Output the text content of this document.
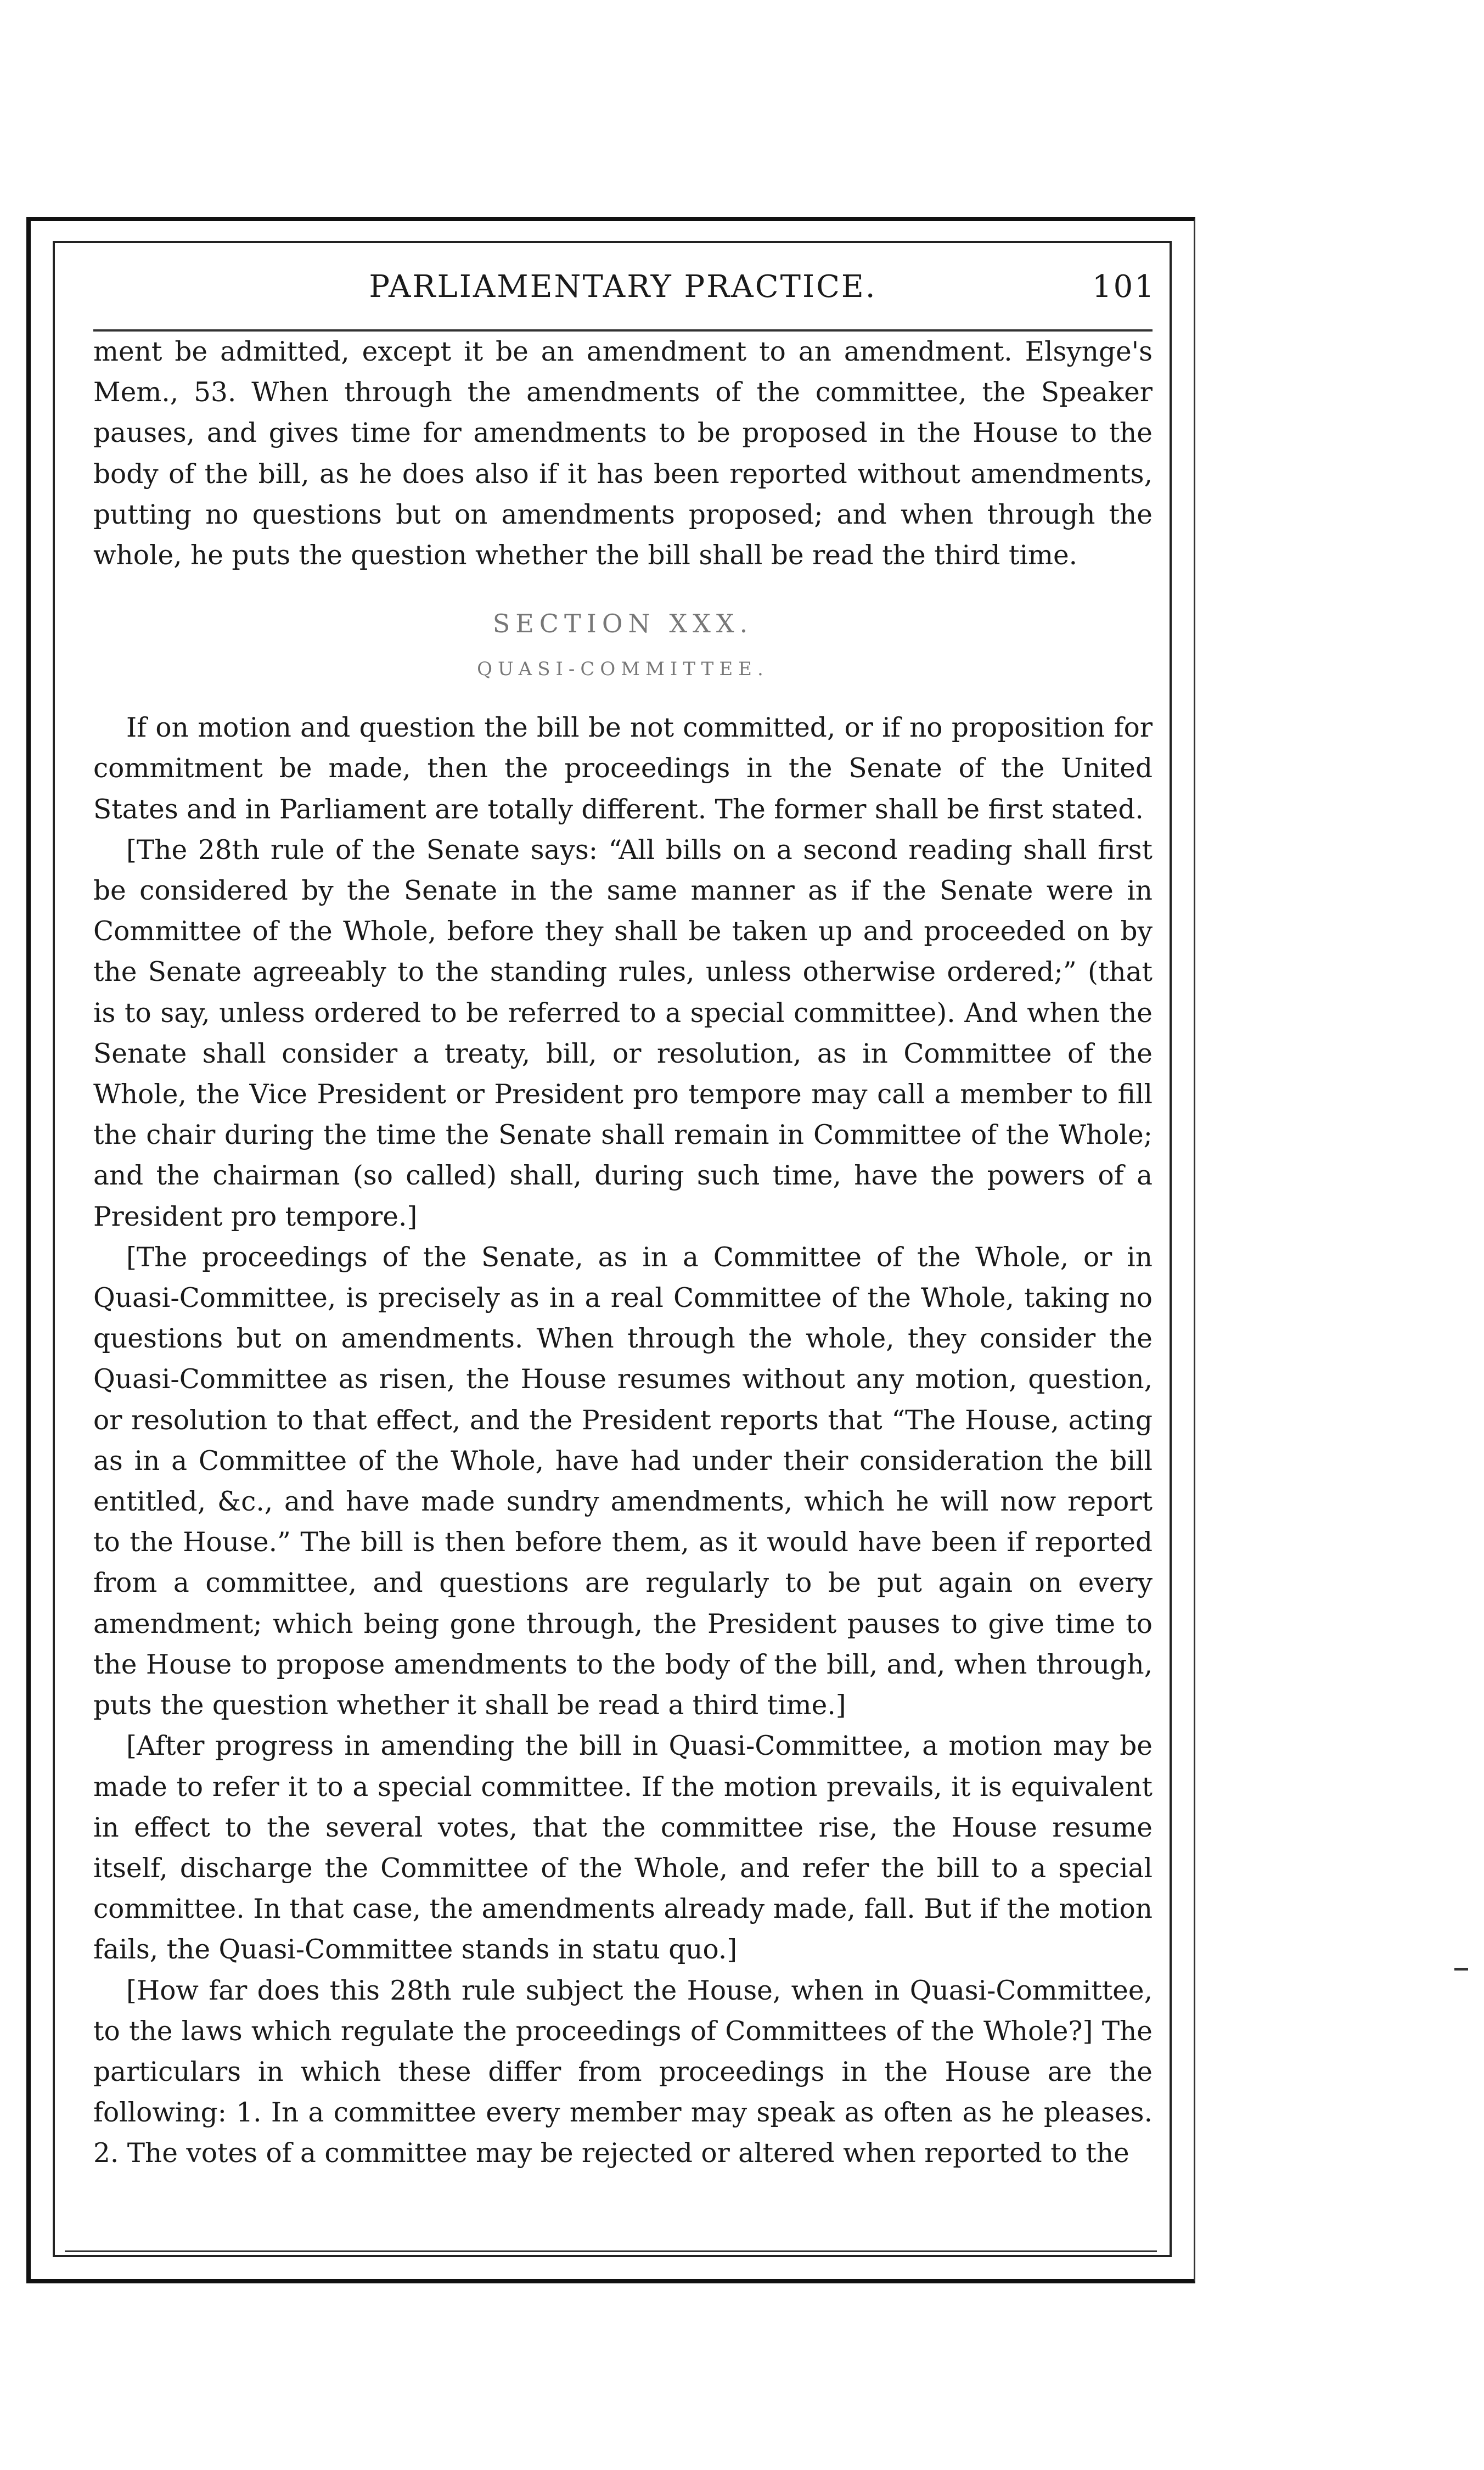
PARLIAMENTARY PRACTICE.	101

ment be admitted, except it be an amendment to an amendment. Elsynge's Mem., 53. When through the amendments of the committee, the Speaker pauses, and gives time for amendments to be proposed in the House to the body of the bill, as he does also if it has been reported without amendments, putting no questions but on amendments proposed; and when through the whole, he puts the question whether the bill shall be read the third time.

SECTION XXX.
QUASI-COMMITTEE.

If on motion and question the bill be not committed, or if no proposition for commitment be made, then the proceedings in the Senate of the United States and in Parliament are totally different. The former shall be first stated.

[The 28th rule of the Senate says: “All bills on a second reading shall first be considered by the Senate in the same manner as if the Senate were in Committee of the Whole, before they shall be taken up and proceeded on by the Senate agreeably to the standing rules, unless otherwise ordered;” (that is to say, unless ordered to be referred to a special committee). And when the Senate shall consider a treaty, bill, or resolution, as in Committee of the Whole, the Vice President or President pro tempore may call a member to fill the chair during the time the Senate shall remain in Committee of the Whole; and the chairman (so called) shall, during such time, have the powers of a President pro tempore.]

[The proceedings of the Senate, as in a Committee of the Whole, or in Quasi-Committee, is precisely as in a real Committee of the Whole, taking no questions but on amendments. When through the whole, they consider the Quasi-Committee as risen, the House resumes without any motion, question, or resolution to that effect, and the President reports that “The House, acting as in a Committee of the Whole, have had under their consideration the bill entitled, &c., and have made sundry amendments, which he will now report to the House.” The bill is then before them, as it would have been if reported from a committee, and questions are regularly to be put again on every amendment; which being gone through, the President pauses to give time to the House to propose amendments to the body of the bill, and, when through, puts the question whether it shall be read a third time.]

[After progress in amending the bill in Quasi-Committee, a motion may be made to refer it to a special committee. If the motion prevails, it is equivalent in effect to the several votes, that the committee rise, the House resume itself, discharge the Committee of the Whole, and refer the bill to a special committee. In that case, the amendments already made, fall. But if the motion fails, the Quasi-Committee stands in statu quo.]

[How far does this 28th rule subject the House, when in Quasi-Committee, to the laws which regulate the proceedings of Committees of the Whole?] The particulars in which these differ from proceedings in the House are the following: 1. In a committee every member may speak as often as he pleases. 2. The votes of a committee may be rejected or altered when reported to the
